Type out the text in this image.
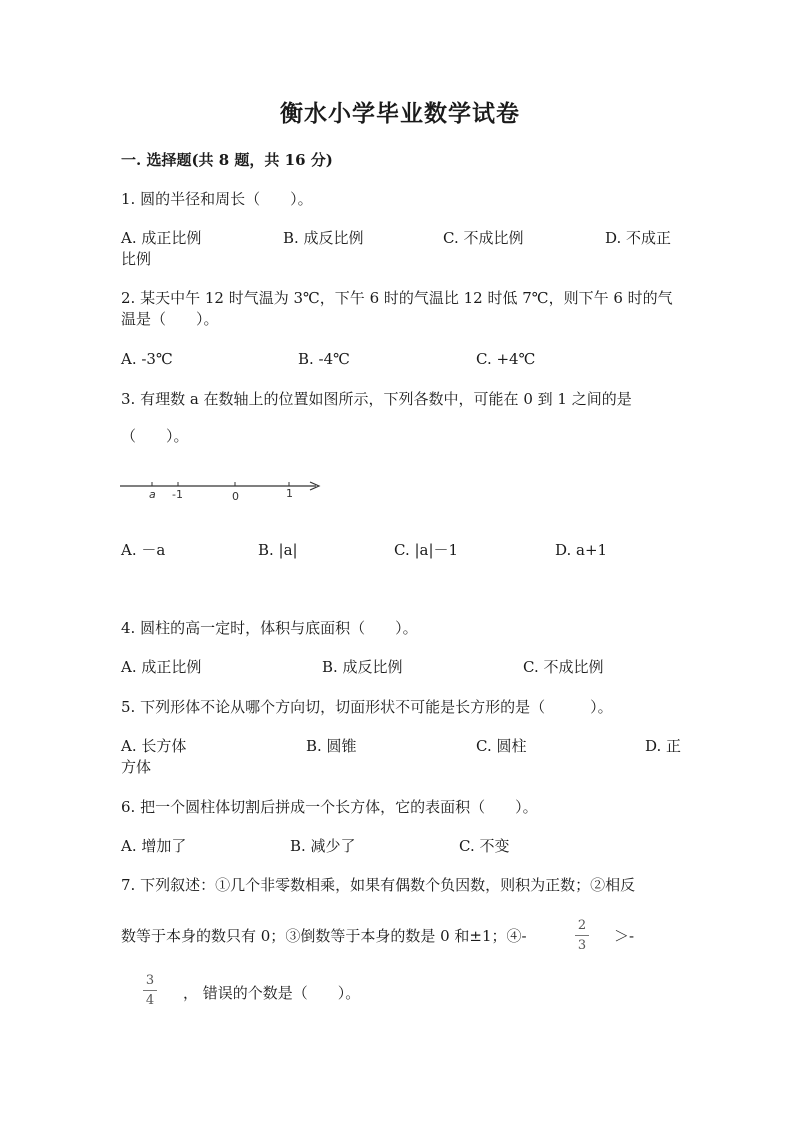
衡水小学毕业数学试卷
一. 选择题(共 8 题，共 16 分)
1. 圆的半径和周长（　　）。
A. 成正比例	B. 成反比例	C. 不成比例	D. 不成正
比例
2. 某天中午 12 时气温为 3℃，下午 6 时的气温比 12 时低 7℃，则下午 6 时的气
温是（　　）。
A. -3℃	B. -4℃	C. +4℃
3. 有理数 a 在数轴上的位置如图所示，下列各数中，可能在 0 到 1 之间的是
（　　）。
a -1	0	1
A. －a	B. |a|	C. |a|－1	D. a+1
4. 圆柱的高一定时，体积与底面积（　　）。
A. 成正比例	B. 成反比例	C. 不成比例
5. 下列形体不论从哪个方向切，切面形状不可能是长方形的是（　　　）。
A. 长方体	B. 圆锥	C. 圆柱	D. 正
方体
6. 把一个圆柱体切割后拼成一个长方体，它的表面积（　　）。
A. 增加了	B. 减少了	C. 不变
7. 下列叙述：①几个非零数相乘，如果有偶数个负因数，则积为正数；②相反
数等于本身的数只有 0；③倒数等于本身的数是 0 和±1；④-
2
3
＞-
3
4 ， 错误的个数是（　　）。
